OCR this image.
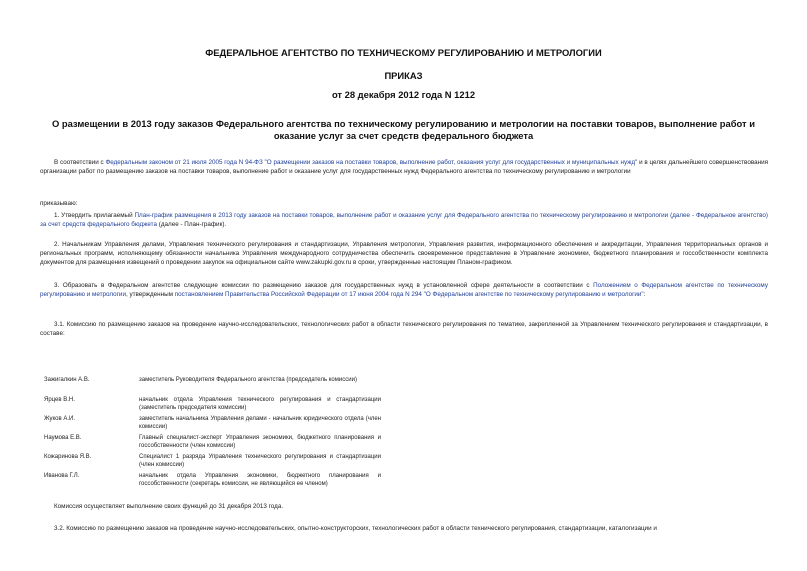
ФЕДЕРАЛЬНОЕ АГЕНТСТВО ПО ТЕХНИЧЕСКОМУ РЕГУЛИРОВАНИЮ И МЕТРОЛОГИИ
ПРИКАЗ
от 28 декабря 2012 года N 1212
О размещении в 2013 году заказов Федерального агентства по техническому регулированию и метрологии на поставки товаров, выполнение работ и оказание услуг за счет средств федерального бюджета
В соответствии с Федеральным законом от 21 июля 2005 года N 94-ФЗ "О размещении заказов на поставки товаров, выполнение работ, оказания услуг для государственных и муниципальных нужд" и в целях дальнейшего совершенствования организации работ по размещению заказов на поставки товаров, выполнение работ и оказание услуг для государственных нужд Федерального агентства по техническому регулированию и метрологии
приказываю:
1. Утвердить прилагаемый План-график размещения в 2013 году заказов на поставки товаров, выполнение работ и оказание услуг для Федерального агентства по техническому регулированию и метрологии (далее - Федеральное агентство) за счет средств федерального бюджета (далее - План-график).
2. Начальникам Управления делами, Управления технического регулирования и стандартизации, Управления метрологии, Управления развития, информационного обеспечения и аккредитации, Управления территориальных органов и региональных программ, исполняющему обязанности начальника Управления международного сотрудничества обеспечить своевременное представление в Управление экономики, бюджетного планирования и госсобственности комплекта документов для размещения извещений о проведении закупок на официальном сайте www.zakupki.gov.ru в сроки, утвержденные настоящим Планом-графиком.
3. Образовать в Федеральном агентстве следующие комиссии по размещению заказов для государственных нужд в установленной сфере деятельности в соответствии с Положением о Федеральном агентстве по техническому регулированию и метрологии, утвержденным постановлением Правительства Российской Федерации от 17 июня 2004 года N 294 "О Федеральном агентстве по техническому регулированию и метрологии":
3.1. Комиссию по размещению заказов на проведение научно-исследовательских, технологических работ в области технического регулирования по тематике, закрепленной за Управлением технического регулирования и стандартизации, в составе:
Зажигалкин А.В.	заместитель Руководителя Федерального агентства (председатель комиссии)
Ярцев В.Н.	начальник отдела Управления технического регулирования и стандартизации (заместитель председателя комиссии)
Жуков А.И.	заместитель начальника Управления делами - начальник юридического отдела (член комиссии)
Наумова Е.В.	Главный специалист-эксперт Управления экономики, бюджетного планирования и госсобственности (член комиссии)
Кожаринова Я.В.	Специалист 1 разряда Управления технического регулирования и стандартизации (член комиссии)
Иванова Г.Л.	начальник отдела Управления экономики, бюджетного планирования и госсобственности (секретарь комиссии, не являющийся ее членом)
Комиссия осуществляет выполнение своих функций до 31 декабря 2013 года.
3.2. Комиссию по размещению заказов на проведение научно-исследовательских, опытно-конструкторских, технологических работ в области технического регулирования, стандартизации, каталогизации и
